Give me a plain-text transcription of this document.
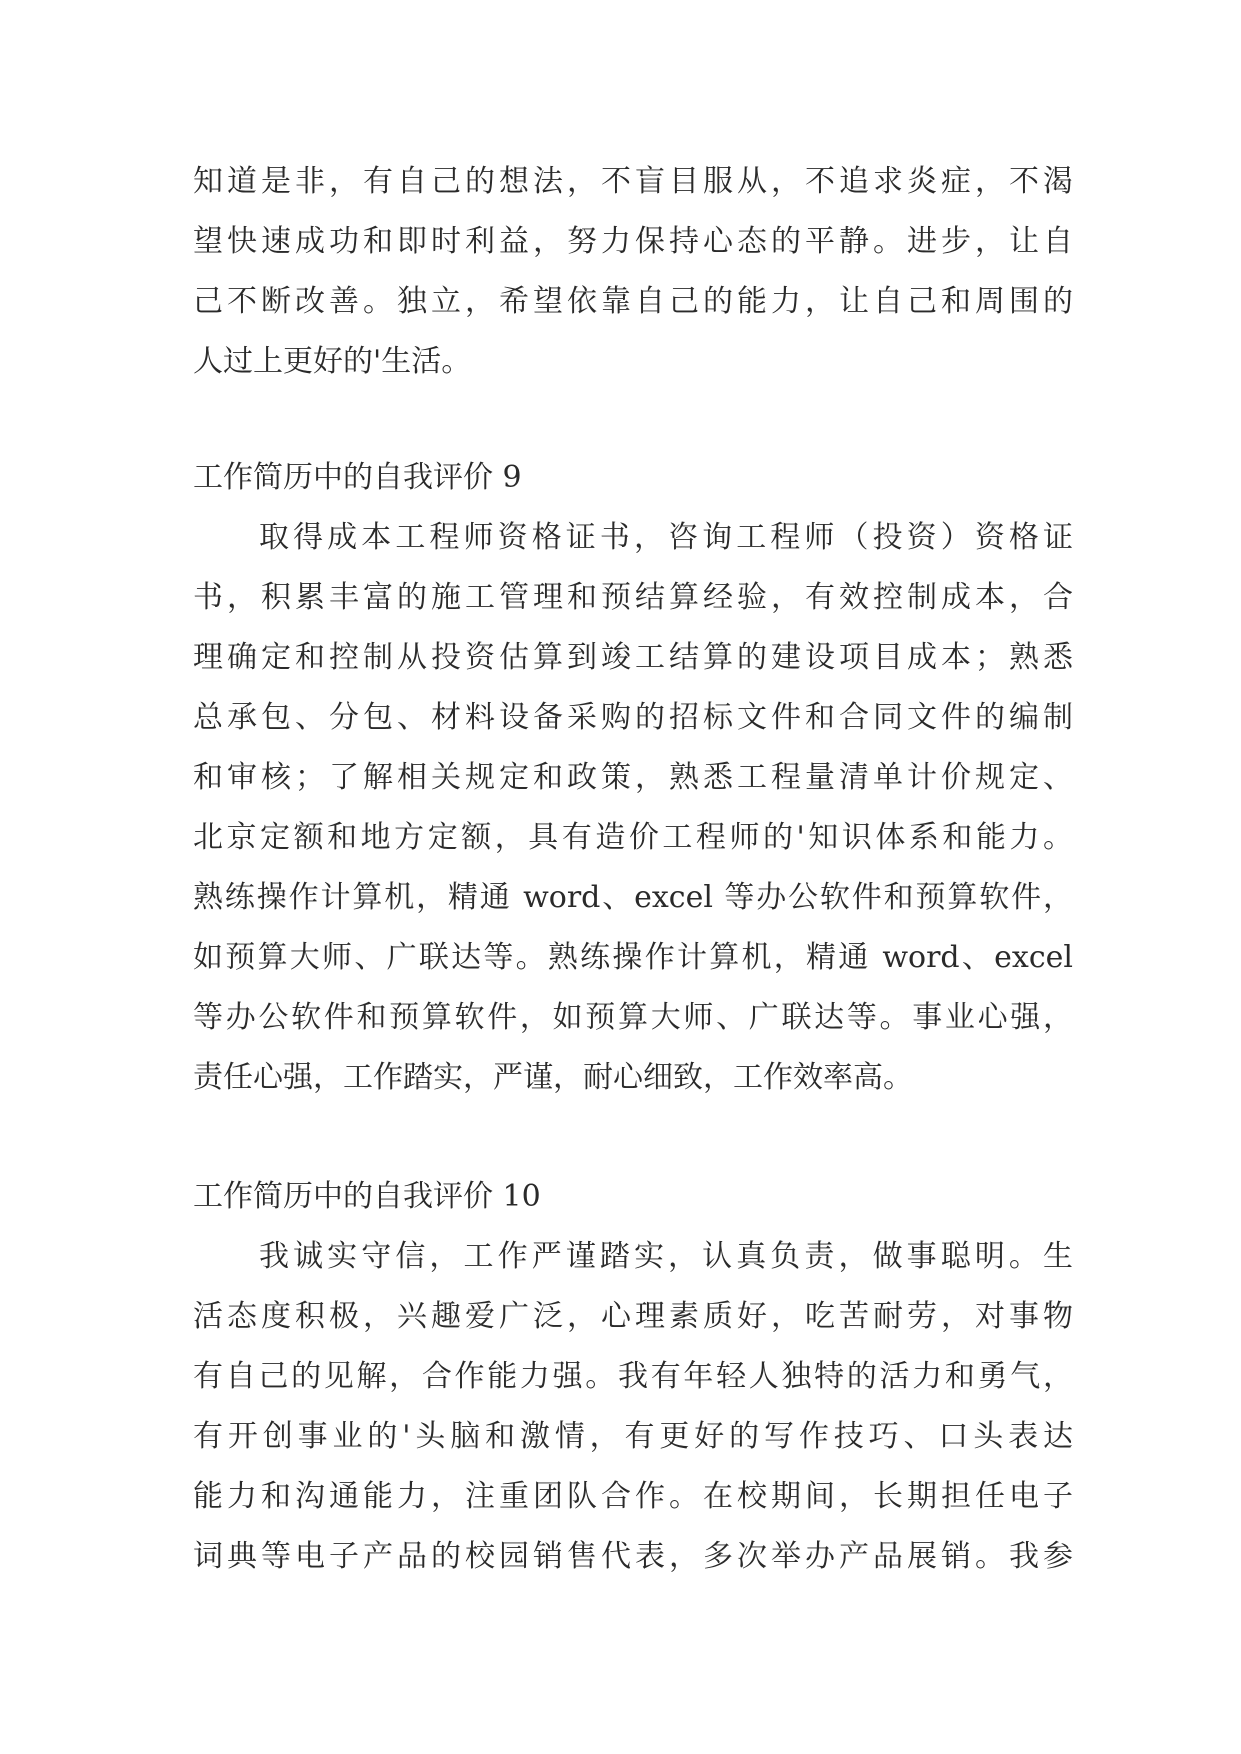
知道是非，有自己的想法，不盲目服从，不追求炎症，不渴
望快速成功和即时利益，努力保持心态的平静。进步，让自
己不断改善。独立，希望依靠自己的能力，让自己和周围的
人过上更好的'生活。
工作简历中的自我评价 9
取得成本工程师资格证书，咨询工程师（投资）资格证
书，积累丰富的施工管理和预结算经验，有效控制成本，合
理确定和控制从投资估算到竣工结算的建设项目成本；熟悉
总承包、分包、材料设备采购的招标文件和合同文件的编制
和审核；了解相关规定和政策，熟悉工程量清单计价规定、
北京定额和地方定额，具有造价工程师的'知识体系和能力。
熟练操作计算机，精通 word、excel 等办公软件和预算软件，
如预算大师、广联达等。熟练操作计算机，精通 word、excel
等办公软件和预算软件，如预算大师、广联达等。事业心强，
责任心强，工作踏实，严谨，耐心细致，工作效率高。
工作简历中的自我评价 10
我诚实守信，工作严谨踏实，认真负责，做事聪明。生
活态度积极，兴趣爱广泛，心理素质好，吃苦耐劳，对事物
有自己的见解，合作能力强。我有年轻人独特的活力和勇气，
有开创事业的'头脑和激情，有更好的写作技巧、口头表达
能力和沟通能力，注重团队合作。在校期间，长期担任电子
词典等电子产品的校园销售代表，多次举办产品展销。我参
